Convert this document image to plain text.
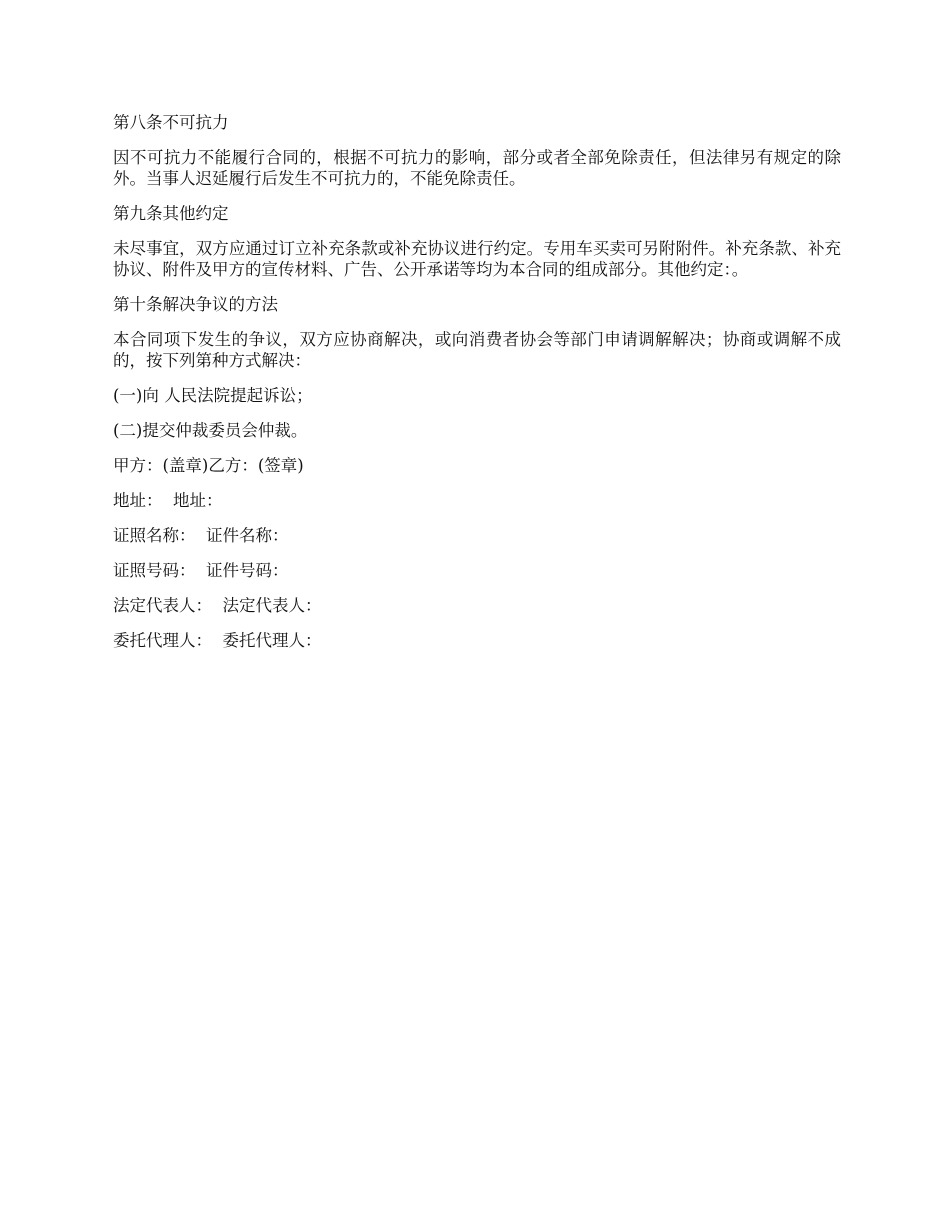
第八条不可抗力
因不可抗力不能履行合同的，根据不可抗力的影响，部分或者全部免除责任，但法律另有规定的除外。当事人迟延履行后发生不可抗力的，不能免除责任。
第九条其他约定
未尽事宜，双方应通过订立补充条款或补充协议进行约定。专用车买卖可另附附件。补充条款、补充协议、附件及甲方的宣传材料、广告、公开承诺等均为本合同的组成部分。其他约定：。
第十条解决争议的方法
本合同项下发生的争议，双方应协商解决，或向消费者协会等部门申请调解解决；协商或调解不成的，按下列第种方式解决：
(一)向 人民法院提起诉讼；
(二)提交仲裁委员会仲裁。
甲方：(盖章)乙方：(签章)
地址：  地址：
证照名称：  证件名称：
证照号码：  证件号码：
法定代表人：  法定代表人：
委托代理人：  委托代理人：
